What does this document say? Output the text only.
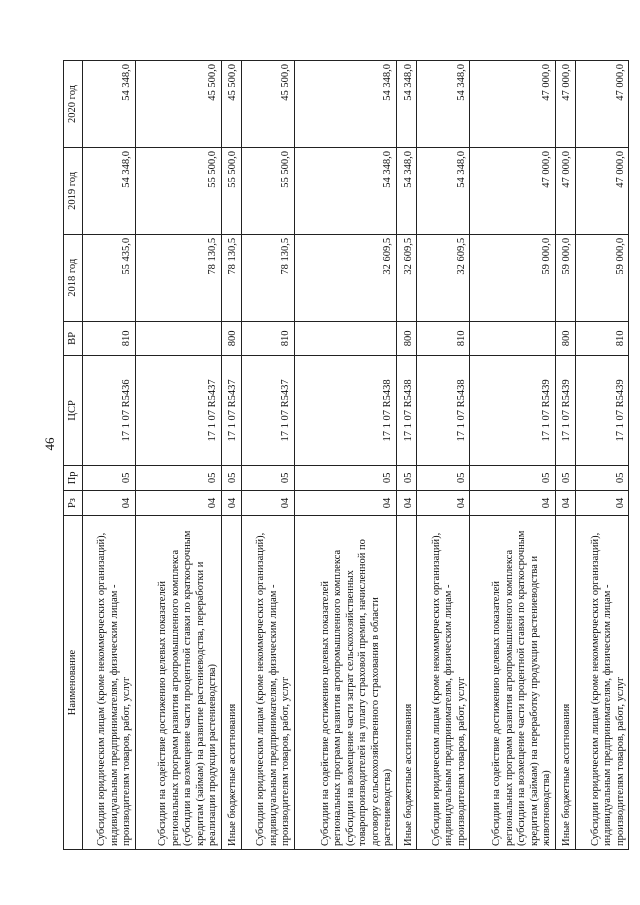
46
Наименование	Рз	Пр	ЦСР	ВР	2018 год	2019 год	2020 год
Субсидии юридическим лицам (кроме некоммерческих организаций), индивидуальным предпринимателям, физическим лицам - производителям товаров, работ, услуг	04	05	17 1 07 R5436	810	55 435,0	54 348,0	54 348,0
Субсидии на содействие достижению целевых показателей региональных программ развития агропромышленного комплекса (субсидии на возмещение части процентной ставки по краткосрочным кредитам (займам) на развитие растениеводства, переработки и реализации продукции растениеводства)	04	05	17 1 07 R5437		78 130,5	55 500,0	45 500,0
Иные бюджетные ассигнования	04	05	17 1 07 R5437	800	78 130,5	55 500,0	45 500,0
Субсидии юридическим лицам (кроме некоммерческих организаций), индивидуальным предпринимателям, физическим лицам - производителям товаров, работ, услуг	04	05	17 1 07 R5437	810	78 130,5	55 500,0	45 500,0
Субсидии на содействие достижению целевых показателей региональных программ развития агропромышленного комплекса (субсидии на возмещение части затрат сельскохозяйственных товаропроизводителей на уплату страховой премии, начисленной по договору сельскохозяйственного страхования в области растениеводства)	04	05	17 1 07 R5438		32 609,5	54 348,0	54 348,0
Иные бюджетные ассигнования	04	05	17 1 07 R5438	800	32 609,5	54 348,0	54 348,0
Субсидии юридическим лицам (кроме некоммерческих организаций), индивидуальным предпринимателям, физическим лицам - производителям товаров, работ, услуг	04	05	17 1 07 R5438	810	32 609,5	54 348,0	54 348,0
Субсидии на содействие достижению целевых показателей региональных программ развития агропромышленного комплекса (субсидии на возмещение части процентной ставки по краткосрочным кредитам (займам) на переработку продукции растениеводства и животноводства)	04	05	17 1 07 R5439		59 000,0	47 000,0	47 000,0
Иные бюджетные ассигнования	04	05	17 1 07 R5439	800	59 000,0	47 000,0	47 000,0
Субсидии юридическим лицам (кроме некоммерческих организаций), индивидуальным предпринимателям, физическим лицам - производителям товаров, работ, услуг	04	05	17 1 07 R5439	810	59 000,0	47 000,0	47 000,0
